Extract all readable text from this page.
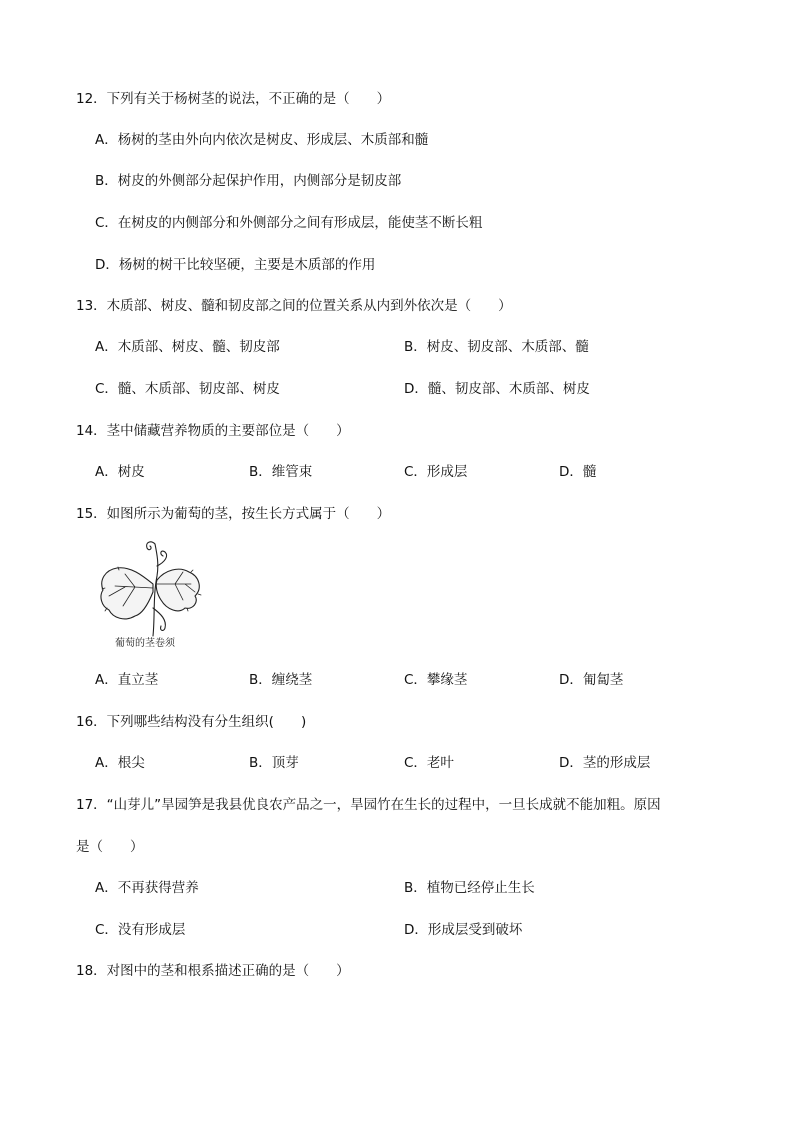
12．下列有关于杨树茎的说法，不正确的是（　　）
A．杨树的茎由外向内依次是树皮、形成层、木质部和髓
B．树皮的外侧部分起保护作用，内侧部分是韧皮部
C．在树皮的内侧部分和外侧部分之间有形成层，能使茎不断长粗
D．杨树的树干比较坚硬，主要是木质部的作用
13．木质部、树皮、髓和韧皮部之间的位置关系从内到外依次是（　　）
A．木质部、树皮、髓、韧皮部	B．树皮、韧皮部、木质部、髓
C．髓、木质部、韧皮部、树皮	D．髓、韧皮部、木质部、树皮
14．茎中储藏营养物质的主要部位是（　　）
A．树皮	B．维管束	C．形成层	D．髓
15．如图所示为葡萄的茎，按生长方式属于（　　）
葡萄的茎卷须
A．直立茎	B．缠绕茎	C．攀缘茎	D．匍匐茎
16．下列哪些结构没有分生组织(　　)
A．根尖	B．顶芽	C．老叶	D．茎的形成层
17．“山芽儿”旱园笋是我县优良农产品之一，旱园竹在生长的过程中，一旦长成就不能加粗。原因
是（　　）
A．不再获得营养	B．植物已经停止生长
C．没有形成层	D．形成层受到破坏
18．对图中的茎和根系描述正确的是（　　）
